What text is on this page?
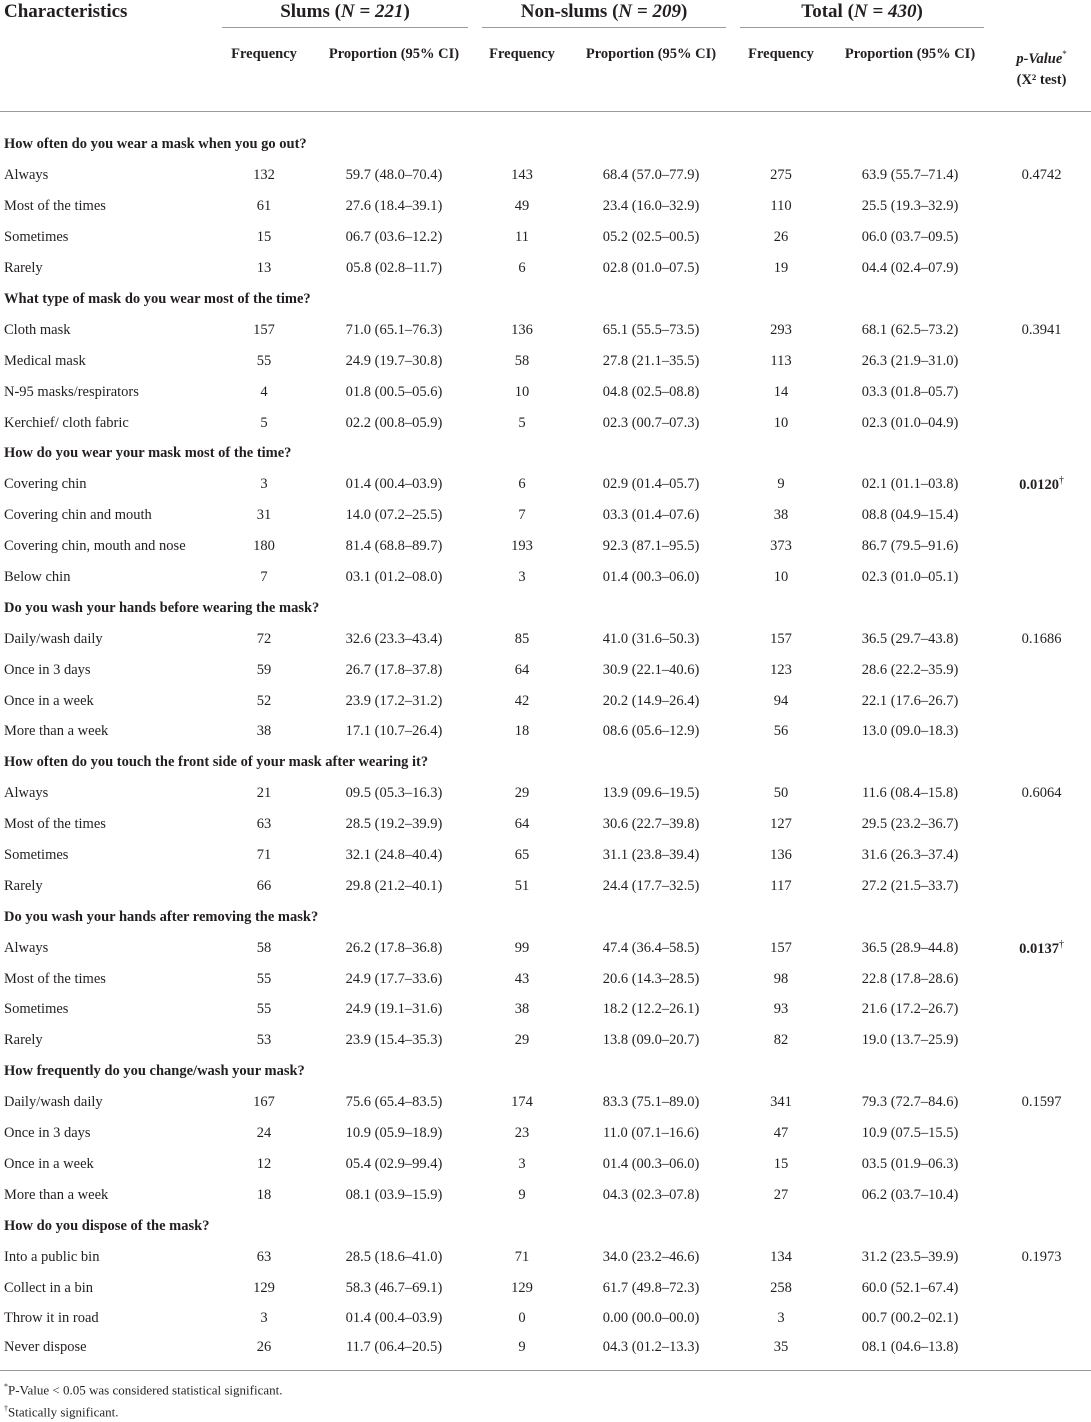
Characteristics	Slums (N = 221)		Non-slums (N = 209)		Total (N = 430)		

	Frequency	Proportion (95% CI)	Frequency	Proportion (95% CI)	Frequency	Proportion (95% CI)	p-Value*
(X² test)

How often do you wear a mask when you go out?							
Always	132	59.7 (48.0–70.4)	143	68.4 (57.0–77.9)	275	63.9 (55.7–71.4)	0.4742
Most of the times	61	27.6 (18.4–39.1)	49	23.4 (16.0–32.9)	110	25.5 (19.3–32.9)	
Sometimes	15	06.7 (03.6–12.2)	11	05.2 (02.5–00.5)	26	06.0 (03.7–09.5)	
Rarely	13	05.8 (02.8–11.7)	6	02.8 (01.0–07.5)	19	04.4 (02.4–07.9)	
What type of mask do you wear most of the time?							
Cloth mask	157	71.0 (65.1–76.3)	136	65.1 (55.5–73.5)	293	68.1 (62.5–73.2)	0.3941
Medical mask	55	24.9 (19.7–30.8)	58	27.8 (21.1–35.5)	113	26.3 (21.9–31.0)	
N-95 masks/respirators	4	01.8 (00.5–05.6)	10	04.8 (02.5–08.8)	14	03.3 (01.8–05.7)	
Kerchief/ cloth fabric	5	02.2 (00.8–05.9)	5	02.3 (00.7–07.3)	10	02.3 (01.0–04.9)	
How do you wear your mask most of the time?							
Covering chin	3	01.4 (00.4–03.9)	6	02.9 (01.4–05.7)	9	02.1 (01.1–03.8)	0.0120†
Covering chin and mouth	31	14.0 (07.2–25.5)	7	03.3 (01.4–07.6)	38	08.8 (04.9–15.4)	
Covering chin, mouth and nose	180	81.4 (68.8–89.7)	193	92.3 (87.1–95.5)	373	86.7 (79.5–91.6)	
Below chin	7	03.1 (01.2–08.0)	3	01.4 (00.3–06.0)	10	02.3 (01.0–05.1)	
Do you wash your hands before wearing the mask?							
Daily/wash daily	72	32.6 (23.3–43.4)	85	41.0 (31.6–50.3)	157	36.5 (29.7–43.8)	0.1686
Once in 3 days	59	26.7 (17.8–37.8)	64	30.9 (22.1–40.6)	123	28.6 (22.2–35.9)	
Once in a week	52	23.9 (17.2–31.2)	42	20.2 (14.9–26.4)	94	22.1 (17.6–26.7)	
More than a week	38	17.1 (10.7–26.4)	18	08.6 (05.6–12.9)	56	13.0 (09.0–18.3)	
How often do you touch the front side of your mask after wearing it?							
Always	21	09.5 (05.3–16.3)	29	13.9 (09.6–19.5)	50	11.6 (08.4–15.8)	0.6064
Most of the times	63	28.5 (19.2–39.9)	64	30.6 (22.7–39.8)	127	29.5 (23.2–36.7)	
Sometimes	71	32.1 (24.8–40.4)	65	31.1 (23.8–39.4)	136	31.6 (26.3–37.4)	
Rarely	66	29.8 (21.2–40.1)	51	24.4 (17.7–32.5)	117	27.2 (21.5–33.7)	
Do you wash your hands after removing the mask?							
Always	58	26.2 (17.8–36.8)	99	47.4 (36.4–58.5)	157	36.5 (28.9–44.8)	0.0137†
Most of the times	55	24.9 (17.7–33.6)	43	20.6 (14.3–28.5)	98	22.8 (17.8–28.6)	
Sometimes	55	24.9 (19.1–31.6)	38	18.2 (12.2–26.1)	93	21.6 (17.2–26.7)	
Rarely	53	23.9 (15.4–35.3)	29	13.8 (09.0–20.7)	82	19.0 (13.7–25.9)	
How frequently do you change/wash your mask?							
Daily/wash daily	167	75.6 (65.4–83.5)	174	83.3 (75.1–89.0)	341	79.3 (72.7–84.6)	0.1597
Once in 3 days	24	10.9 (05.9–18.9)	23	11.0 (07.1–16.6)	47	10.9 (07.5–15.5)	
Once in a week	12	05.4 (02.9–99.4)	3	01.4 (00.3–06.0)	15	03.5 (01.9–06.3)	
More than a week	18	08.1 (03.9–15.9)	9	04.3 (02.3–07.8)	27	06.2 (03.7–10.4)	
How do you dispose of the mask?							
Into a public bin	63	28.5 (18.6–41.0)	71	34.0 (23.2–46.6)	134	31.2 (23.5–39.9)	0.1973
Collect in a bin	129	58.3 (46.7–69.1)	129	61.7 (49.8–72.3)	258	60.0 (52.1–67.4)	
Throw it in road	3	01.4 (00.4–03.9)	0	0.00 (00.0–00.0)	3	00.7 (00.2–02.1)	
Never dispose	26	11.7 (06.4–20.5)	9	04.3 (01.2–13.3)	35	08.1 (04.6–13.8)	
*P-Value < 0.05 was considered statistical significant.
†Statically significant.
